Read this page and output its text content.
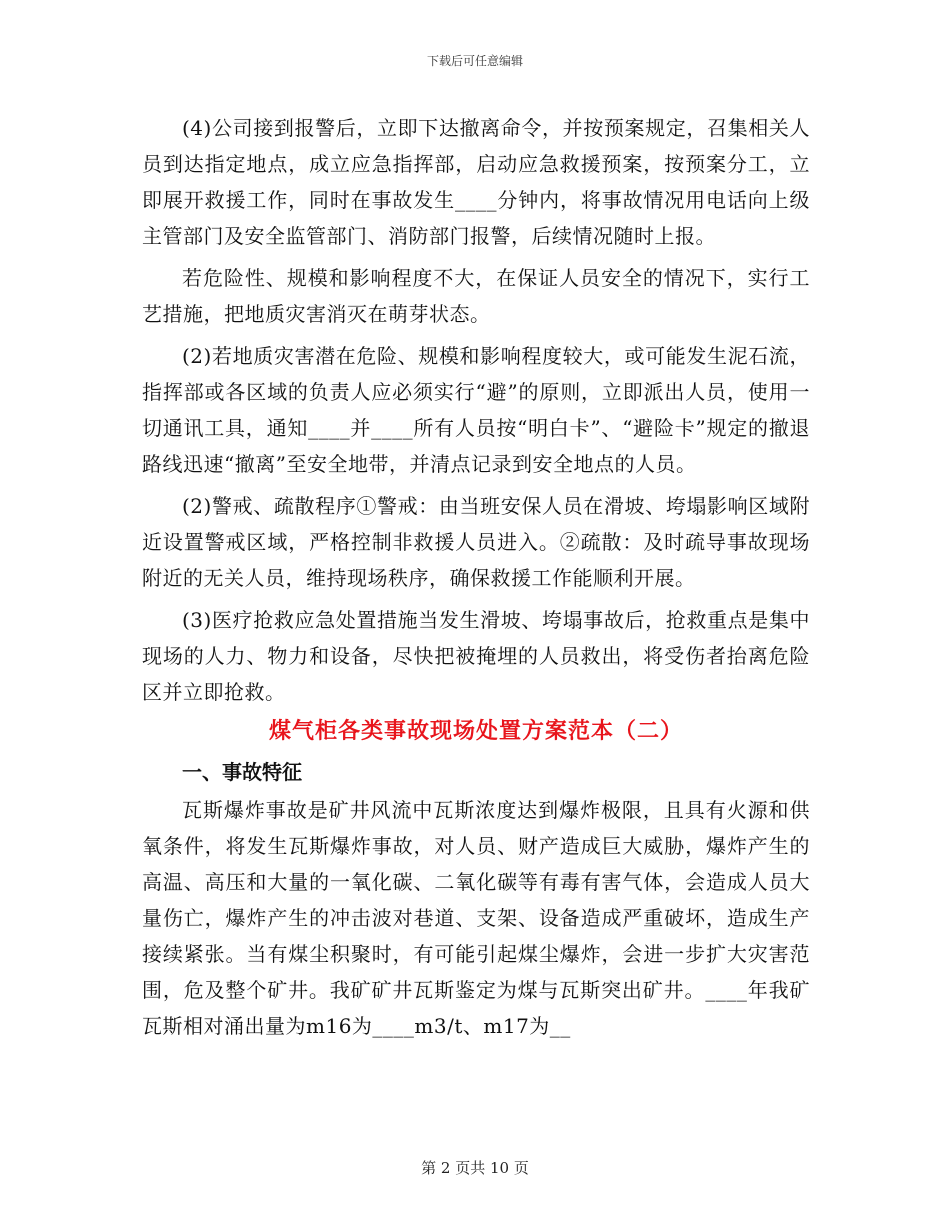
下载后可任意编辑

(4)公司接到报警后，立即下达撤离命令，并按预案规定，召集相关人员到达指定地点，成立应急指挥部，启动应急救援预案，按预案分工，立即展开救援工作，同时在事故发生____分钟内，将事故情况用电话向上级主管部门及安全监管部门、消防部门报警，后续情况随时上报。

若危险性、规模和影响程度不大，在保证人员安全的情况下，实行工艺措施，把地质灾害消灭在萌芽状态。

(2)若地质灾害潜在危险、规模和影响程度较大，或可能发生泥石流，指挥部或各区域的负责人应必须实行“避”的原则，立即派出人员，使用一切通讯工具，通知____并____所有人员按“明白卡”、“避险卡”规定的撤退路线迅速“撤离”至安全地带，并清点记录到安全地点的人员。

(2)警戒、疏散程序①警戒：由当班安保人员在滑坡、垮塌影响区域附近设置警戒区域，严格控制非救援人员进入。②疏散：及时疏导事故现场附近的无关人员，维持现场秩序，确保救援工作能顺利开展。

(3)医疗抢救应急处置措施当发生滑坡、垮塌事故后，抢救重点是集中现场的人力、物力和设备，尽快把被掩埋的人员救出，将受伤者抬离危险区并立即抢救。

煤气柜各类事故现场处置方案范本（二）
一、事故特征

瓦斯爆炸事故是矿井风流中瓦斯浓度达到爆炸极限，且具有火源和供氧条件，将发生瓦斯爆炸事故，对人员、财产造成巨大威胁，爆炸产生的高温、高压和大量的一氧化碳、二氧化碳等有毒有害气体，会造成人员大量伤亡，爆炸产生的冲击波对巷道、支架、设备造成严重破坏，造成生产接续紧张。当有煤尘积聚时，有可能引起煤尘爆炸，会进一步扩大灾害范围，危及整个矿井。我矿矿井瓦斯鉴定为煤与瓦斯突出矿井。____年我矿瓦斯相对涌出量为m16为____m3/t、m17为__

第 2 页共 10 页
